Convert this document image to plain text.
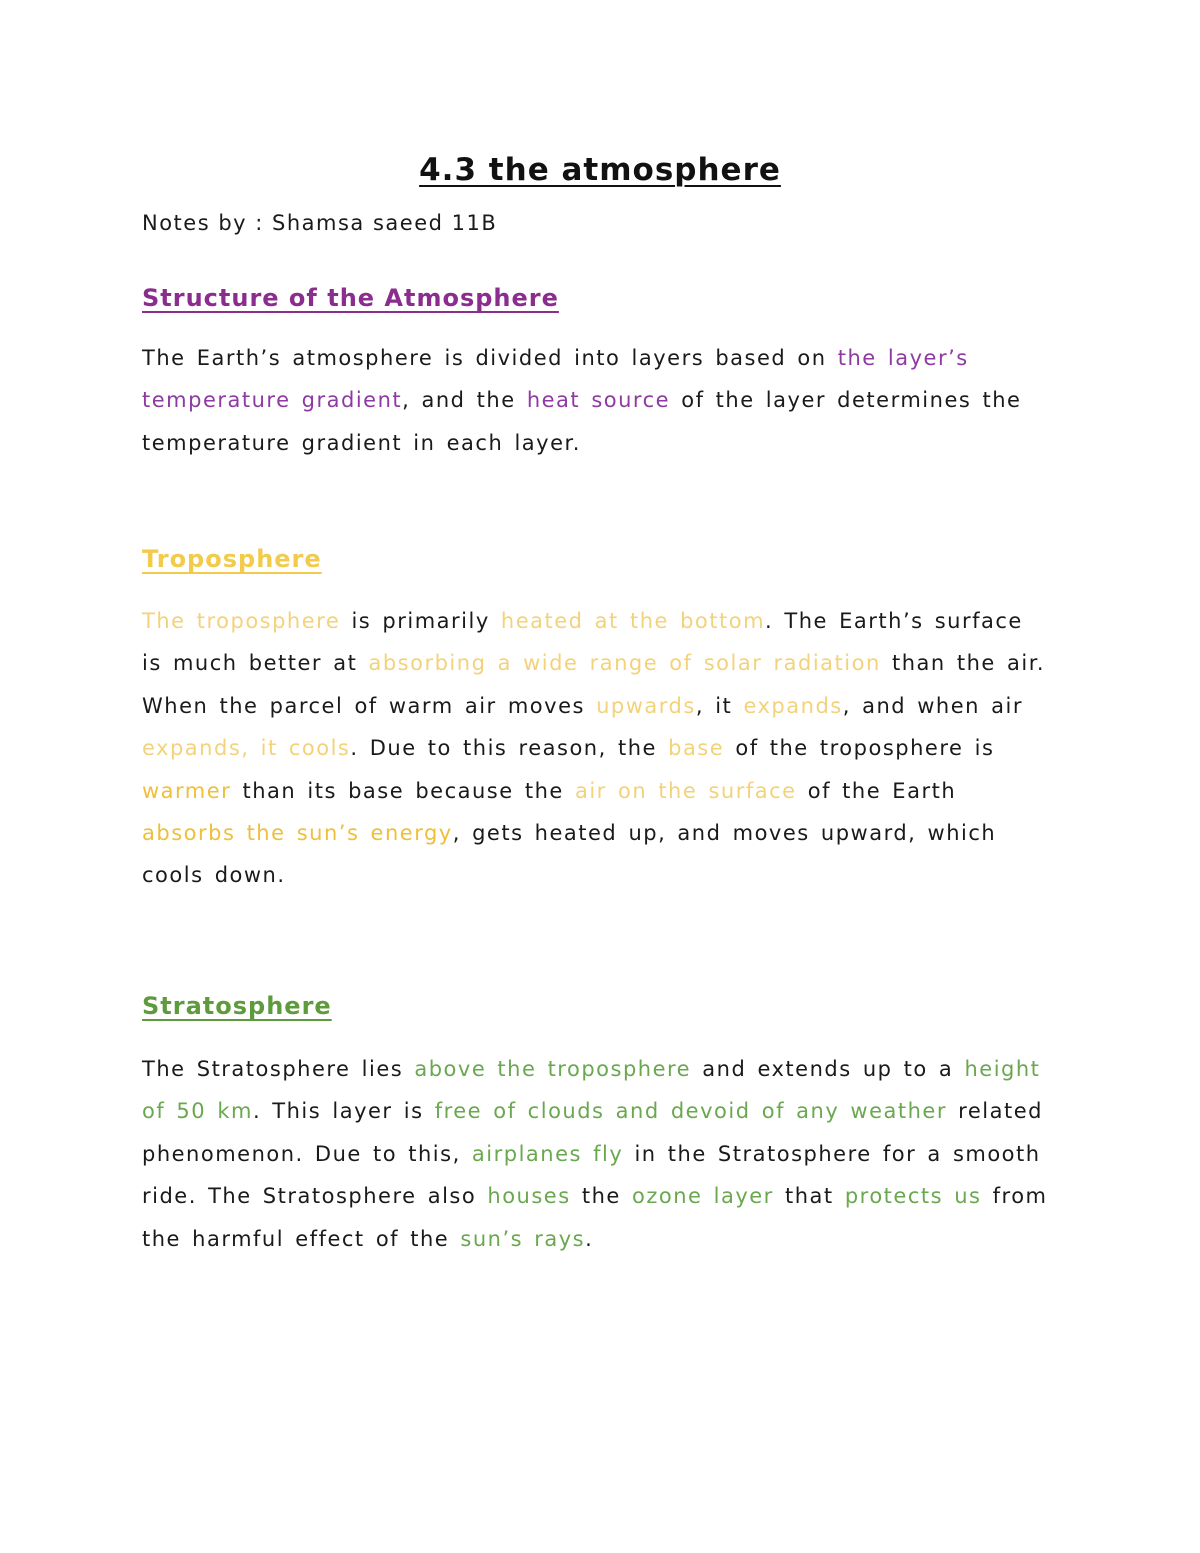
4.3 the atmosphere

Notes by : Shamsa saeed 11B

Structure of the Atmosphere
The Earth’s atmosphere is divided into layers based on the layer’s
temperature gradient, and the heat source of the layer determines the
temperature gradient in each layer.
Troposphere
The troposphere is primarily heated at the bottom. The Earth’s surface
is much better at absorbing a wide range of solar radiation than the air.
When the parcel of warm air moves upwards, it expands, and when air
expands, it cools. Due to this reason, the base of the troposphere is
warmer than its base because the air on the surface of the Earth
absorbs the sun’s energy, gets heated up, and moves upward, which
cools down.
Stratosphere
The Stratosphere lies above the troposphere and extends up to a height
of 50 km. This layer is free of clouds and devoid of any weather related
phenomenon. Due to this, airplanes fly in the Stratosphere for a smooth
ride. The Stratosphere also houses the ozone layer that protects us from
the harmful effect of the sun’s rays.
